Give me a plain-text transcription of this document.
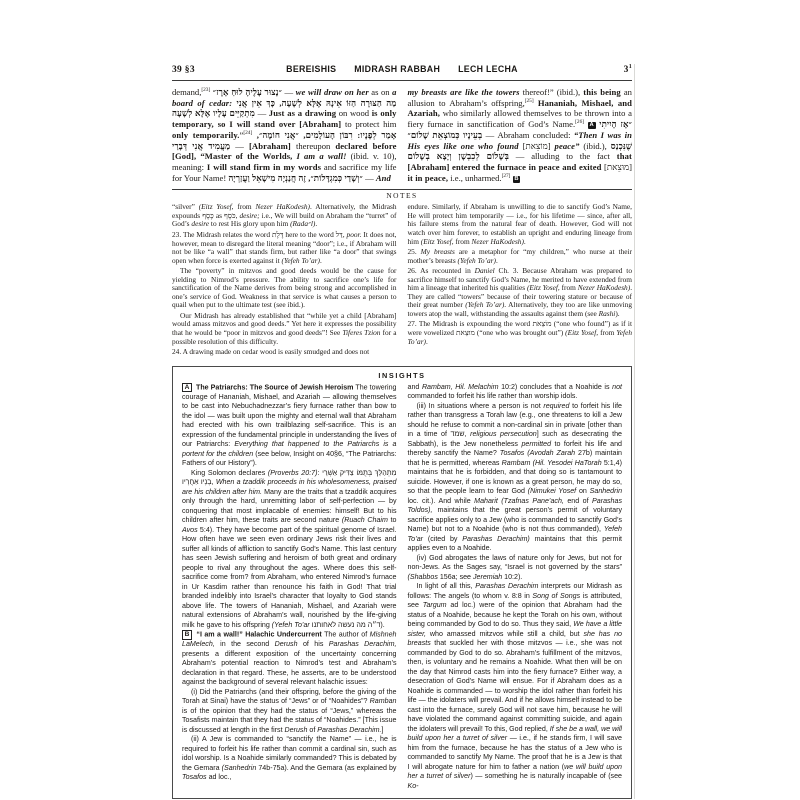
39 §3	BEREISHIS MIDRASH RABBAH LECH LECHA	$3^1$

demand,[23] ״נָצוּר עָלֶיהָ לוּחַ אָרֶז״ — we will draw on her as on a board of cedar: מַה הַצּוּרָה הַזּוֹ אֵינָהּ אֶלָּא לְשָׁעָה, כָּךְ אֵין אֲנִי מִתְקַיֵּים עָלָיו אֶלָּא לְשָׁעָה — Just as a drawing on wood is only temporary, so I will stand over [Abraham] to protect him only temporarily.”[24] אָמַר לְפָנָיו: רִבּוֹן הָעוֹלָמִים, ״אֲנִי חוֹמָה״, מַעֲמִיד אֲנִי דְּבָרַי — [Abraham] thereupon declared before [God], “Master of the Worlds, I am a wall! (ibid. v. 10), meaning: I will stand firm in my words and sacrifice my life for Your Name! ״וְשָׁדַי כְּמִגְדָּלוֹת״, זֶה חֲנַנְיָה מִישָׁאֵל וַעֲזַרְיָה — And

my breasts are like the towers thereof!” (ibid.), this being an allusion to Abraham’s offspring,[25] Hananiah, Mishael, and Azariah, who similarly allowed themselves to be thrown into a fiery furnace in sanctification of God’s Name.[26] A ״אָז הָיִיתִי בְעֵינָיו כְּמוֹצְאֵת שָׁלוֹם״ — Abraham concluded: “Then I was in His eyes like one who found [מוֹצֵאת] peace” (ibid.), שֶׁנִּכְנַס בְּשָׁלוֹם לְכִבְשָׁן וְיָצָא בְשָׁלוֹם — alluding to the fact that [Abraham] entered the furnace in peace and exited [מוּצֵאת] it in peace, i.e., unharmed.[27] B

NOTES

“silver” (Eitz Yosef, from Nezer HaKodesh). Alternatively, the Midrash expounds כֶּסֶף as כֹּסֶף, desire; i.e., We will build on Abraham the “turret” of God’s desire to rest His glory upon him (Rada״l).

23. The Midrash relates the word דֶּלֶת here to the word דַּל, poor. It does not, however, mean to disregard the literal meaning “door”; i.e., if Abraham will not be like “a wall” that stands firm, but rather like “a door” that swings open when force is exerted against it (Yefeh To’ar).

The “poverty” in mitzvos and good deeds would be the cause for yielding to Nimrod’s pressure. The ability to sacrifice one’s life for sanctification of the Name derives from being strong and accomplished in one’s service of God. Weakness in that service is what causes a person to quail when put to the ultimate test (see ibid.).

Our Midrash has already established that “while yet a child [Abraham] would amass mitzvos and good deeds.” Yet here it expresses the possibility that he would be “poor in mitzvos and good deeds”! See Tiferes Tzion for a possible resolution of this difficulty.

24. A drawing made on cedar wood is easily smudged and does not

endure. Similarly, if Abraham is unwilling to die to sanctify God’s Name, He will protect him temporarily — i.e., for his lifetime — since, after all, his failure stems from the natural fear of death. However, God will not watch over him forever, to establish an upright and enduring lineage from him (Eitz Yosef, from Nezer HaKodesh).

25. My breasts are a metaphor for “my children,” who nurse at their mother’s breasts (Yefeh To’ar).

26. As recounted in Daniel Ch. 3. Because Abraham was prepared to sacrifice himself to sanctify God’s Name, he merited to have extended from him a lineage that inherited his qualities (Eitz Yosef, from Nezer HaKodesh). They are called “towers” because of their towering stature or because of their great number (Yefeh To’ar). Alternatively, they too are like unmoving towers atop the wall, withstanding the assaults against them (see Rashi).

27. The Midrash is expounding the word מוֹצֵאת (“one who found”) as if it were vowelized מוּצֵאת (“one who was brought out”) (Eitz Yosef, from Yefeh To’ar).

INSIGHTS

A The Patriarchs: The Source of Jewish Heroism The towering courage of Hananiah, Mishael, and Azariah — allowing themselves to be cast into Nebuchadnezzar’s fiery furnace rather than bow to the idol — was built upon the mighty and eternal wall that Abraham had erected with his own trailblazing self-sacrifice. This is an expression of the fundamental principle in understanding the lives of our Patriarchs: Everything that happened to the Patriarchs is a portent for the children (see below, Insight on 40§6, “The Patriarchs: Fathers of our History”).

King Solomon declares (Proverbs 20:7): מִתְהַלֵּךְ בְּתֻמּוֹ צַדִּיק אַשְׁרֵי בָנָיו אַחֲרָיו, When a tzaddik proceeds in his wholesomeness, praised are his children after him. Many are the traits that a tzaddik acquires only through the hard, unremitting labor of self-perfection — by conquering that most implacable of enemies: himself! But to his children after him, these traits are second nature (Ruach Chaim to Avos 5:4). They have become part of the spiritual genome of Israel. How often have we seen even ordinary Jews risk their lives and suffer all kinds of affliction to sanctify God’s Name. This last century has seen Jewish suffering and heroism of both great and ordinary people to rival any throughout the ages. Where does this self-sacrifice come from? from Abraham, who entered Nimrod’s furnace in Ur Kasdim rather than renounce his faith in God! That trial branded indelibly into Israel’s character that loyalty to God stands above life. The towers of Hananiah, Mishael, and Azariah were natural extensions of Abraham’s wall, nourished by the life-giving milk he gave to his offspring (Yefeh To’ar ד״ה מה נעשה לאחותנו).

B “I am a wall!” Halachic Undercurrent The author of Mishneh LaMelech, in the second Derush of his Parashas Derachim, presents a different exposition of the uncertainty concerning Abraham’s potential reaction to Nimrod’s test and Abraham’s declaration in that regard. These, he asserts, are to be understood against the background of several relevant halachic issues:

(i) Did the Patriarchs (and their offspring, before the giving of the Torah at Sinai) have the status of “Jews” or of “Noahides”? Ramban is of the opinion that they had the status of “Jews,” whereas the Tosafists maintain that they had the status of “Noahides.” [This issue is discussed at length in the first Derush of Parashas Derachim.]

(ii) A Jew is commanded to “sanctify the Name” — i.e., he is required to forfeit his life rather than commit a cardinal sin, such as idol worship. Is a Noahide similarly commanded? This is debated by the Gemara (Sanhedrin 74b-75a). And the Gemara (as explained by Tosafos ad loc.,

and Rambam, Hil. Melachim 10:2) concludes that a Noahide is not commanded to forfeit his life rather than worship idols.

(iii) In situations where a person is not required to forfeit his life rather than transgress a Torah law (e.g., one threatens to kill a Jew should he refuse to commit a non-cardinal sin in private [other than in a time of שמד, religious persecution] such as desecrating the Sabbath), is the Jew nonetheless permitted to forfeit his life and thereby sanctify the Name? Tosafos (Avodah Zarah 27b) maintain that he is permitted, whereas Rambam (Hil. Yesodei HaTorah 5:1,4) maintains that he is forbidden, and that doing so is tantamount to suicide. However, if one is known as a great person, he may do so, so that the people learn to fear God (Nimukei Yosef on Sanhedrin loc. cit.). And while Maharit (Tzafnas Pane’ach, end of Parashas Toldos), maintains that the great person’s permit of voluntary sacrifice applies only to a Jew (who is commanded to sanctify God’s Name) but not to a Noahide (who is not thus commanded), Yefeh To’ar (cited by Parashas Derachim) maintains that this permit applies even to a Noahide.

(iv) God abrogates the laws of nature only for Jews, but not for non-Jews. As the Sages say, “Israel is not governed by the stars” (Shabbos 156a; see Jeremiah 10:2).

In light of all this, Parashas Derachim interprets our Midrash as follows: The angels (to whom v. 8:8 in Song of Songs is attributed, see Targum ad loc.) were of the opinion that Abraham had the status of a Noahide, because he kept the Torah on his own, without being commanded by God to do so. Thus they said, We have a little sister, who amassed mitzvos while still a child, but she has no breasts that suckled her with those mitzvos — i.e., she was not commanded by God to do so. Abraham’s fulfillment of the mitzvos, then, is voluntary and he remains a Noahide. What then will be on the day that Nimrod casts him into the fiery furnace? Either way, a desecration of God’s Name will ensue. For if Abraham does as a Noahide is commanded — to worship the idol rather than forfeit his life — the idolaters will prevail. And if he allows himself instead to be cast into the furnace, surely God will not save him, because he will have violated the command against committing suicide, and again the idolaters will prevail! To this, God replied, If she be a wall, we will build upon her a turret of silver — i.e., if he stands firm, I will save him from the furnace, because he has the status of a Jew who is commanded to sanctify My Name. The proof that he is a Jew is that I will abrogate nature for him to father a nation (we will build upon her a turret of silver) — something he is naturally incapable of (see Ko-
